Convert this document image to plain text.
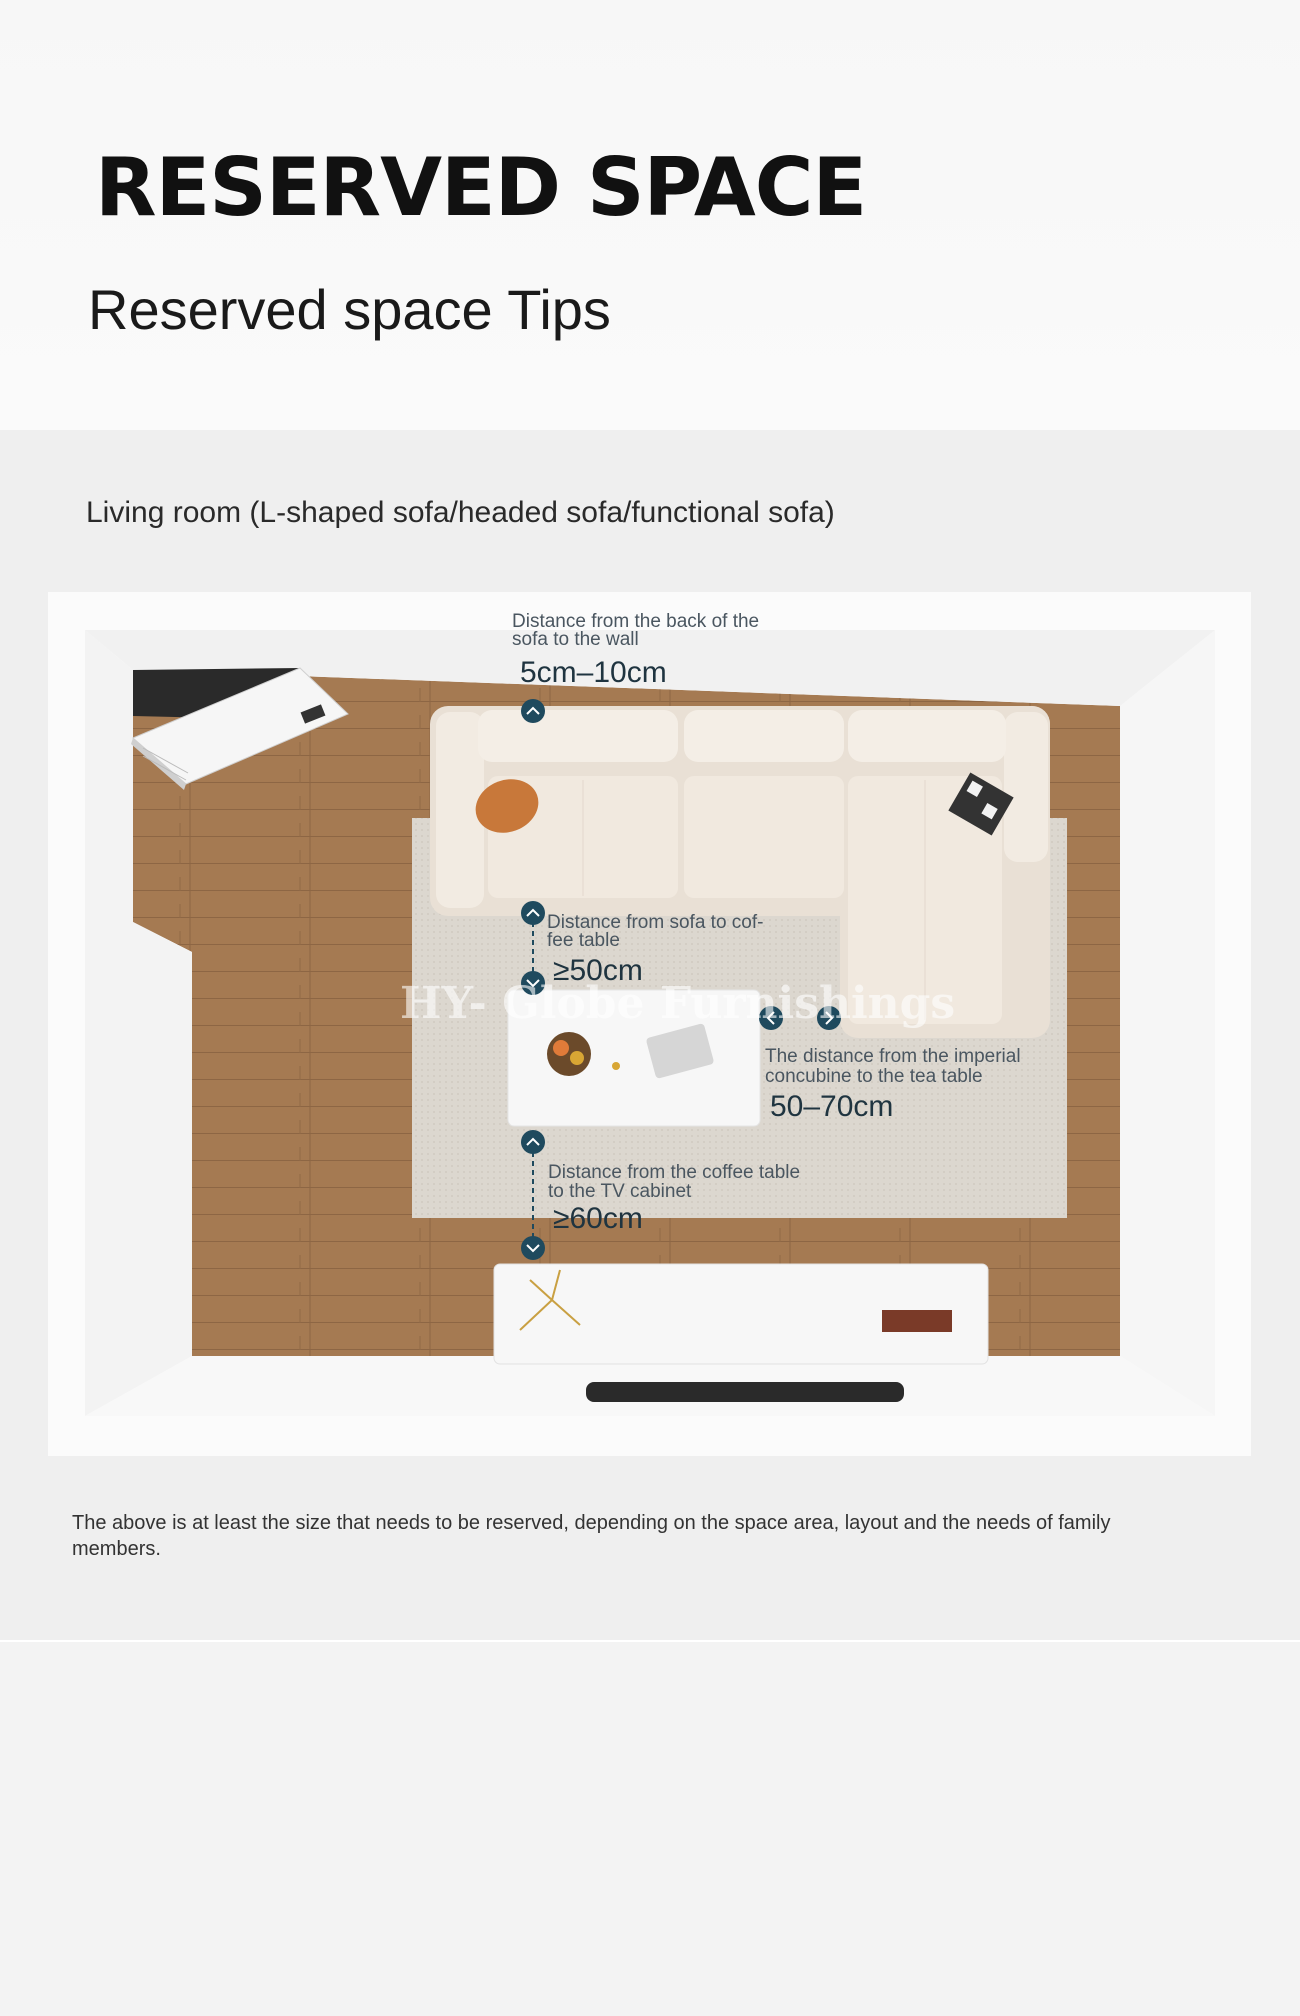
RESERVED SPACE
Reserved space Tips
Living room (L-shaped sofa/headed sofa/functional sofa)
Distance from the back of the
sofa to the wall
5cm–10cm
Distance from sofa to cof-
fee table
≥50cm
The distance from the imperial
concubine to the tea table
50–70cm
Distance from the coffee table
to the TV cabinet
≥60cm
HY- Globe Furnishings
The above is at least the size that needs to be reserved, depending on the space area, layout and the needs of family members.
